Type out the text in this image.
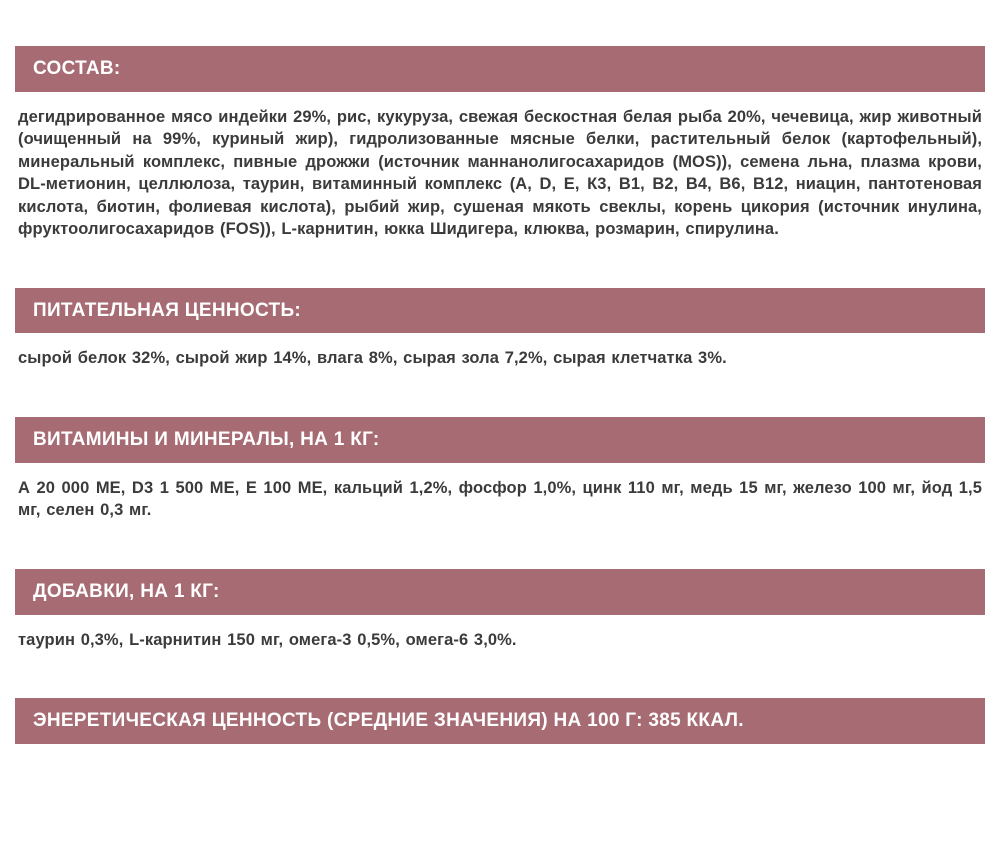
СОСТАВ:
дегидрированное мясо индейки 29%, рис, кукуруза, свежая бескостная белая рыба 20%, чечевица, жир животный (очищенный на 99%, куриный жир), гидролизованные мясные белки, растительный белок (картофельный), минеральный комплекс, пивные дрожжи (источник маннанолигосахаридов (MOS)), семена льна, плазма крови, DL-метионин, целлюлоза, таурин, витаминный комплекс (А, D, Е, К3, В1, В2, В4, В6, В12, ниацин, пантотеновая кислота, биотин, фолиевая кислота), рыбий жир, сушеная мякоть свеклы, корень цикория (источник инулина, фруктоолигосахаридов (FOS)), L-карнитин, юкка Шидигера, клюква, розмарин, спирулина.
ПИТАТЕЛЬНАЯ ЦЕННОСТЬ:
сырой белок 32%, сырой жир 14%, влага 8%, сырая зола 7,2%, сырая клетчатка 3%.
ВИТАМИНЫ И МИНЕРАЛЫ, НА 1 КГ:
А 20 000 МЕ, D3 1 500 МЕ, Е 100 МЕ, кальций 1,2%, фосфор 1,0%, цинк 110 мг, медь 15 мг, железо 100 мг, йод 1,5 мг, селен 0,3 мг.
ДОБАВКИ, НА 1 КГ:
таурин 0,3%, L-карнитин 150 мг, омега-3 0,5%, омега-6 3,0%.
ЭНЕРЕТИЧЕСКАЯ ЦЕННОСТЬ (СРЕДНИЕ ЗНАЧЕНИЯ) НА 100 Г: 385 ККАЛ.
